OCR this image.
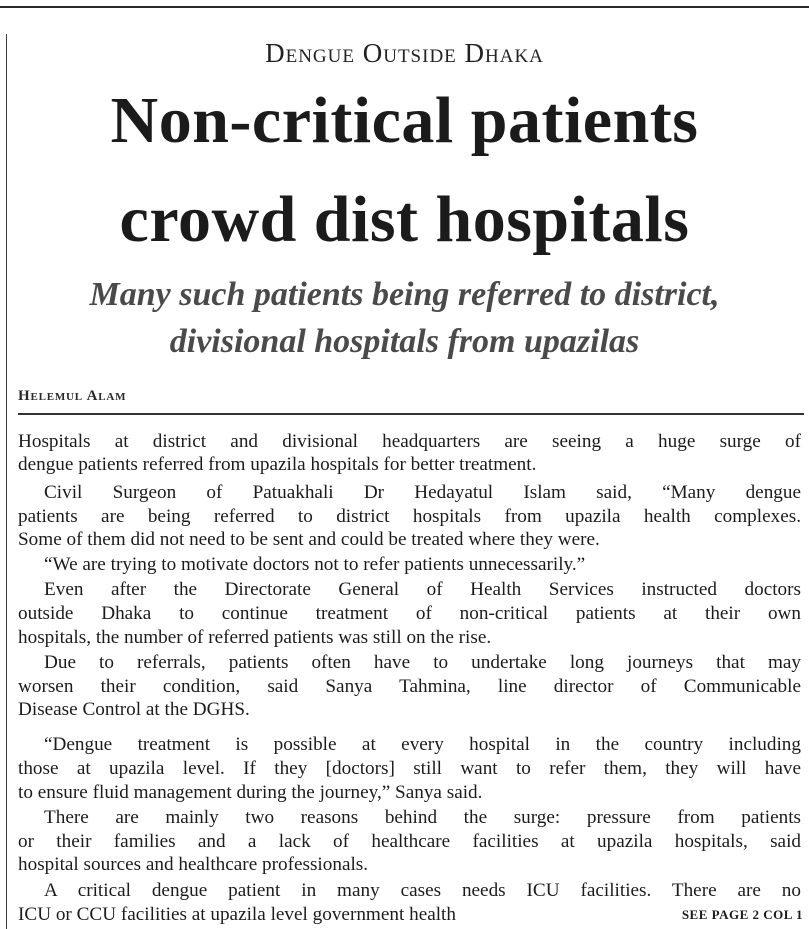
Dengue Outside Dhaka
Non-critical patients
crowd dist hospitals
Many such patients being referred to district,
divisional hospitals from upazilas
Helemul Alam
Hospitals at district and divisional headquarters are seeing a huge surge of
dengue patients referred from upazila hospitals for better treatment.
Civil Surgeon of Patuakhali Dr Hedayatul Islam said, “Many dengue
patients are being referred to district hospitals from upazila health complexes.
Some of them did not need to be sent and could be treated where they were.
“We are trying to motivate doctors not to refer patients unnecessarily.”
Even after the Directorate General of Health Services instructed doctors
outside Dhaka to continue treatment of non-critical patients at their own
hospitals, the number of referred patients was still on the rise.
Due to referrals, patients often have to undertake long journeys that may
worsen their condition, said Sanya Tahmina, line director of Communicable
Disease Control at the DGHS.
“Dengue treatment is possible at every hospital in the country including
those at upazila level. If they [doctors] still want to refer them, they will have
to ensure fluid management during the journey,” Sanya said.
There are mainly two reasons behind the surge: pressure from patients
or their families and a lack of healthcare facilities at upazila hospitals, said
hospital sources and healthcare professionals.
A critical dengue patient in many cases needs ICU facilities. There are no
ICU or CCU facilities at upazila level government health	SEE PAGE 2 COL 1
